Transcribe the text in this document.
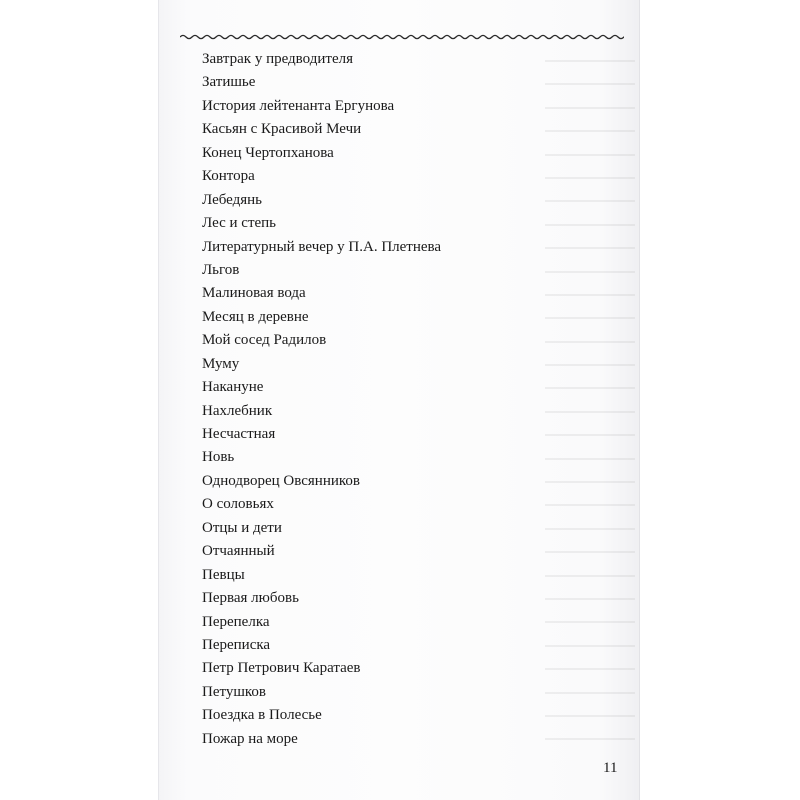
Завтрак у предводителя
Затишье
История лейтенанта Ергунова
Касьян с Красивой Мечи
Конец Чертопханова
Контора
Лебедянь
Лес и степь
Литературный вечер у П.А. Плетнева
Льгов
Малиновая вода
Месяц в деревне
Мой сосед Радилов
Муму
Накануне
Нахлебник
Несчастная
Новь
Однодворец Овсянников
О соловьях
Отцы и дети
Отчаянный
Певцы
Первая любовь
Перепелка
Переписка
Петр Петрович Каратаев
Петушков
Поездка в Полесье
Пожар на море
11
